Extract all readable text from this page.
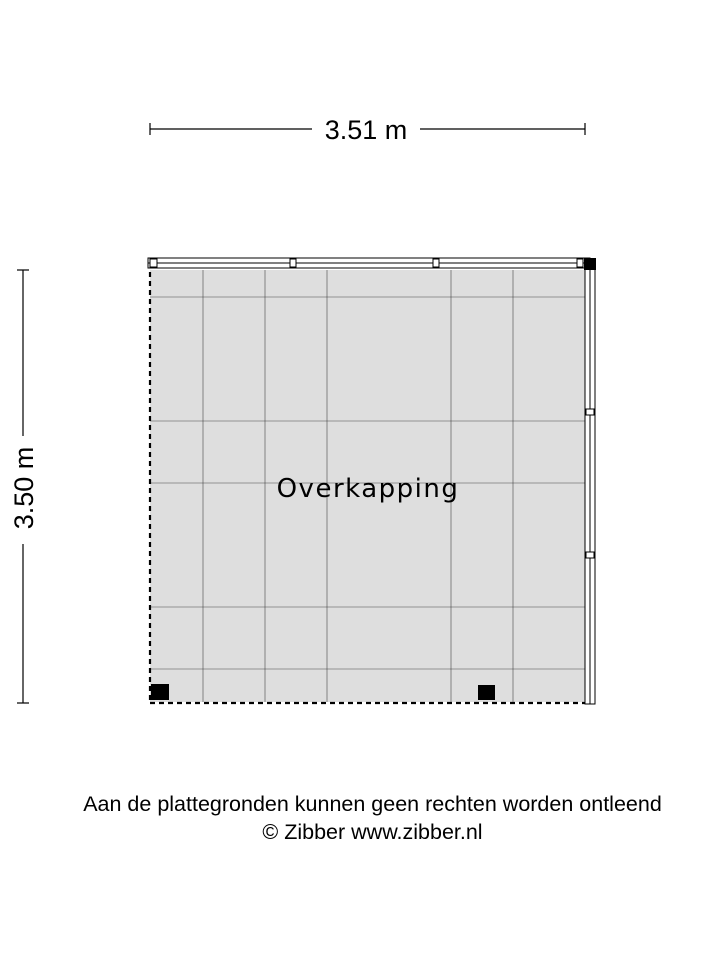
3.51 m
3.50 m	Overkapping
Aan de plattegronden kunnen geen rechten worden ontleend
© Zibber www.zibber.nl
